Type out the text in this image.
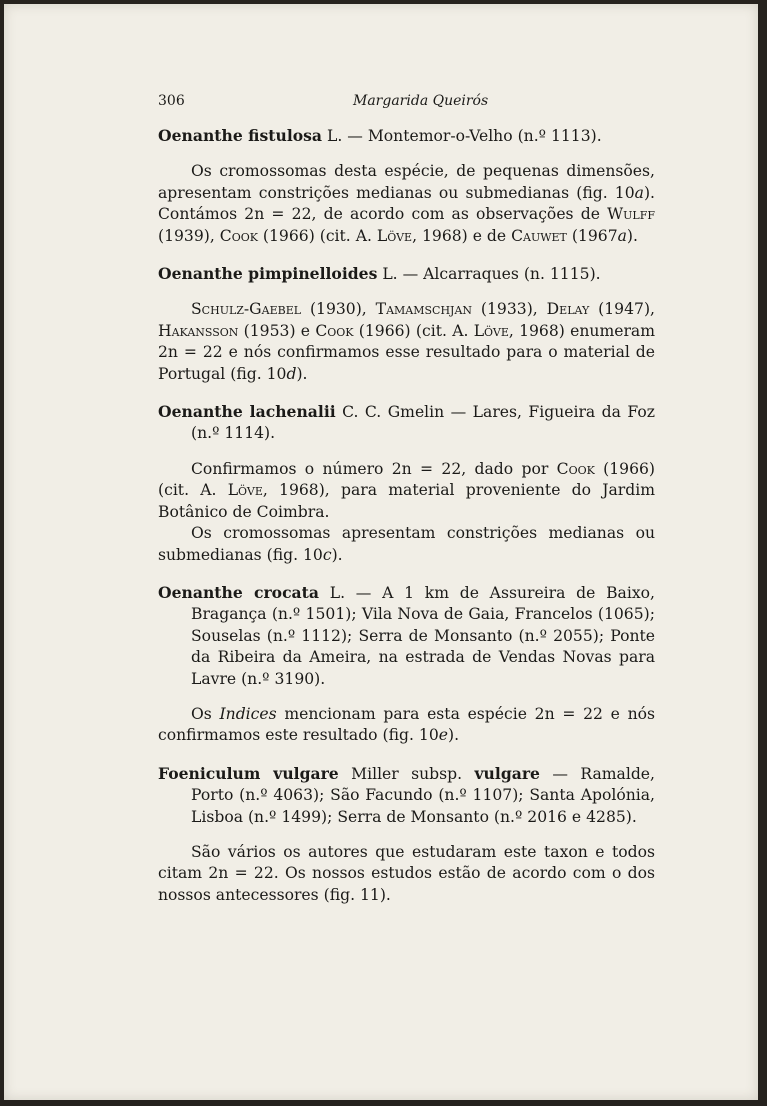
306	Margarida Queirós

Oenanthe fistulosa L. — Montemor-o-Velho (n.º 1113).

Os cromossomas desta espécie, de pequenas dimensões, apresentam constrições medianas ou submedianas (fig. 10a). Contámos 2n = 22, de acordo com as observações de Wulff (1939), Cook (1966) (cit. A. Löve, 1968) e de Cauwet (1967a).

Oenanthe pimpinelloides L. — Alcarraques (n. 1115).

Schulz-Gaebel (1930), Tamamschjan (1933), Delay (1947), Hakansson (1953) e Cook (1966) (cit. A. Löve, 1968) enumeram 2n = 22 e nós confirmamos esse resultado para o material de Portugal (fig. 10d).

Oenanthe lachenalii C. C. Gmelin — Lares, Figueira da Foz (n.º 1114).

Confirmamos o número 2n = 22, dado por Cook (1966) (cit. A. Löve, 1968), para material proveniente do Jardim Botânico de Coimbra.

Os cromossomas apresentam constrições medianas ou submedianas (fig. 10c).

Oenanthe crocata L. — A 1 km de Assureira de Baixo, Bragança (n.º 1501); Vila Nova de Gaia, Francelos (1065); Souselas (n.º 1112); Serra de Monsanto (n.º 2055); Ponte da Ribeira da Ameira, na estrada de Vendas Novas para Lavre (n.º 3190).

Os Indices mencionam para esta espécie 2n = 22 e nós confirmamos este resultado (fig. 10e).

Foeniculum vulgare Miller subsp. vulgare — Ramalde, Porto (n.º 4063); São Facundo (n.º 1107); Santa Apolónia, Lisboa (n.º 1499); Serra de Monsanto (n.º 2016 e 4285).

São vários os autores que estudaram este taxon e todos citam 2n = 22. Os nossos estudos estão de acordo com o dos nossos antecessores (fig. 11).
